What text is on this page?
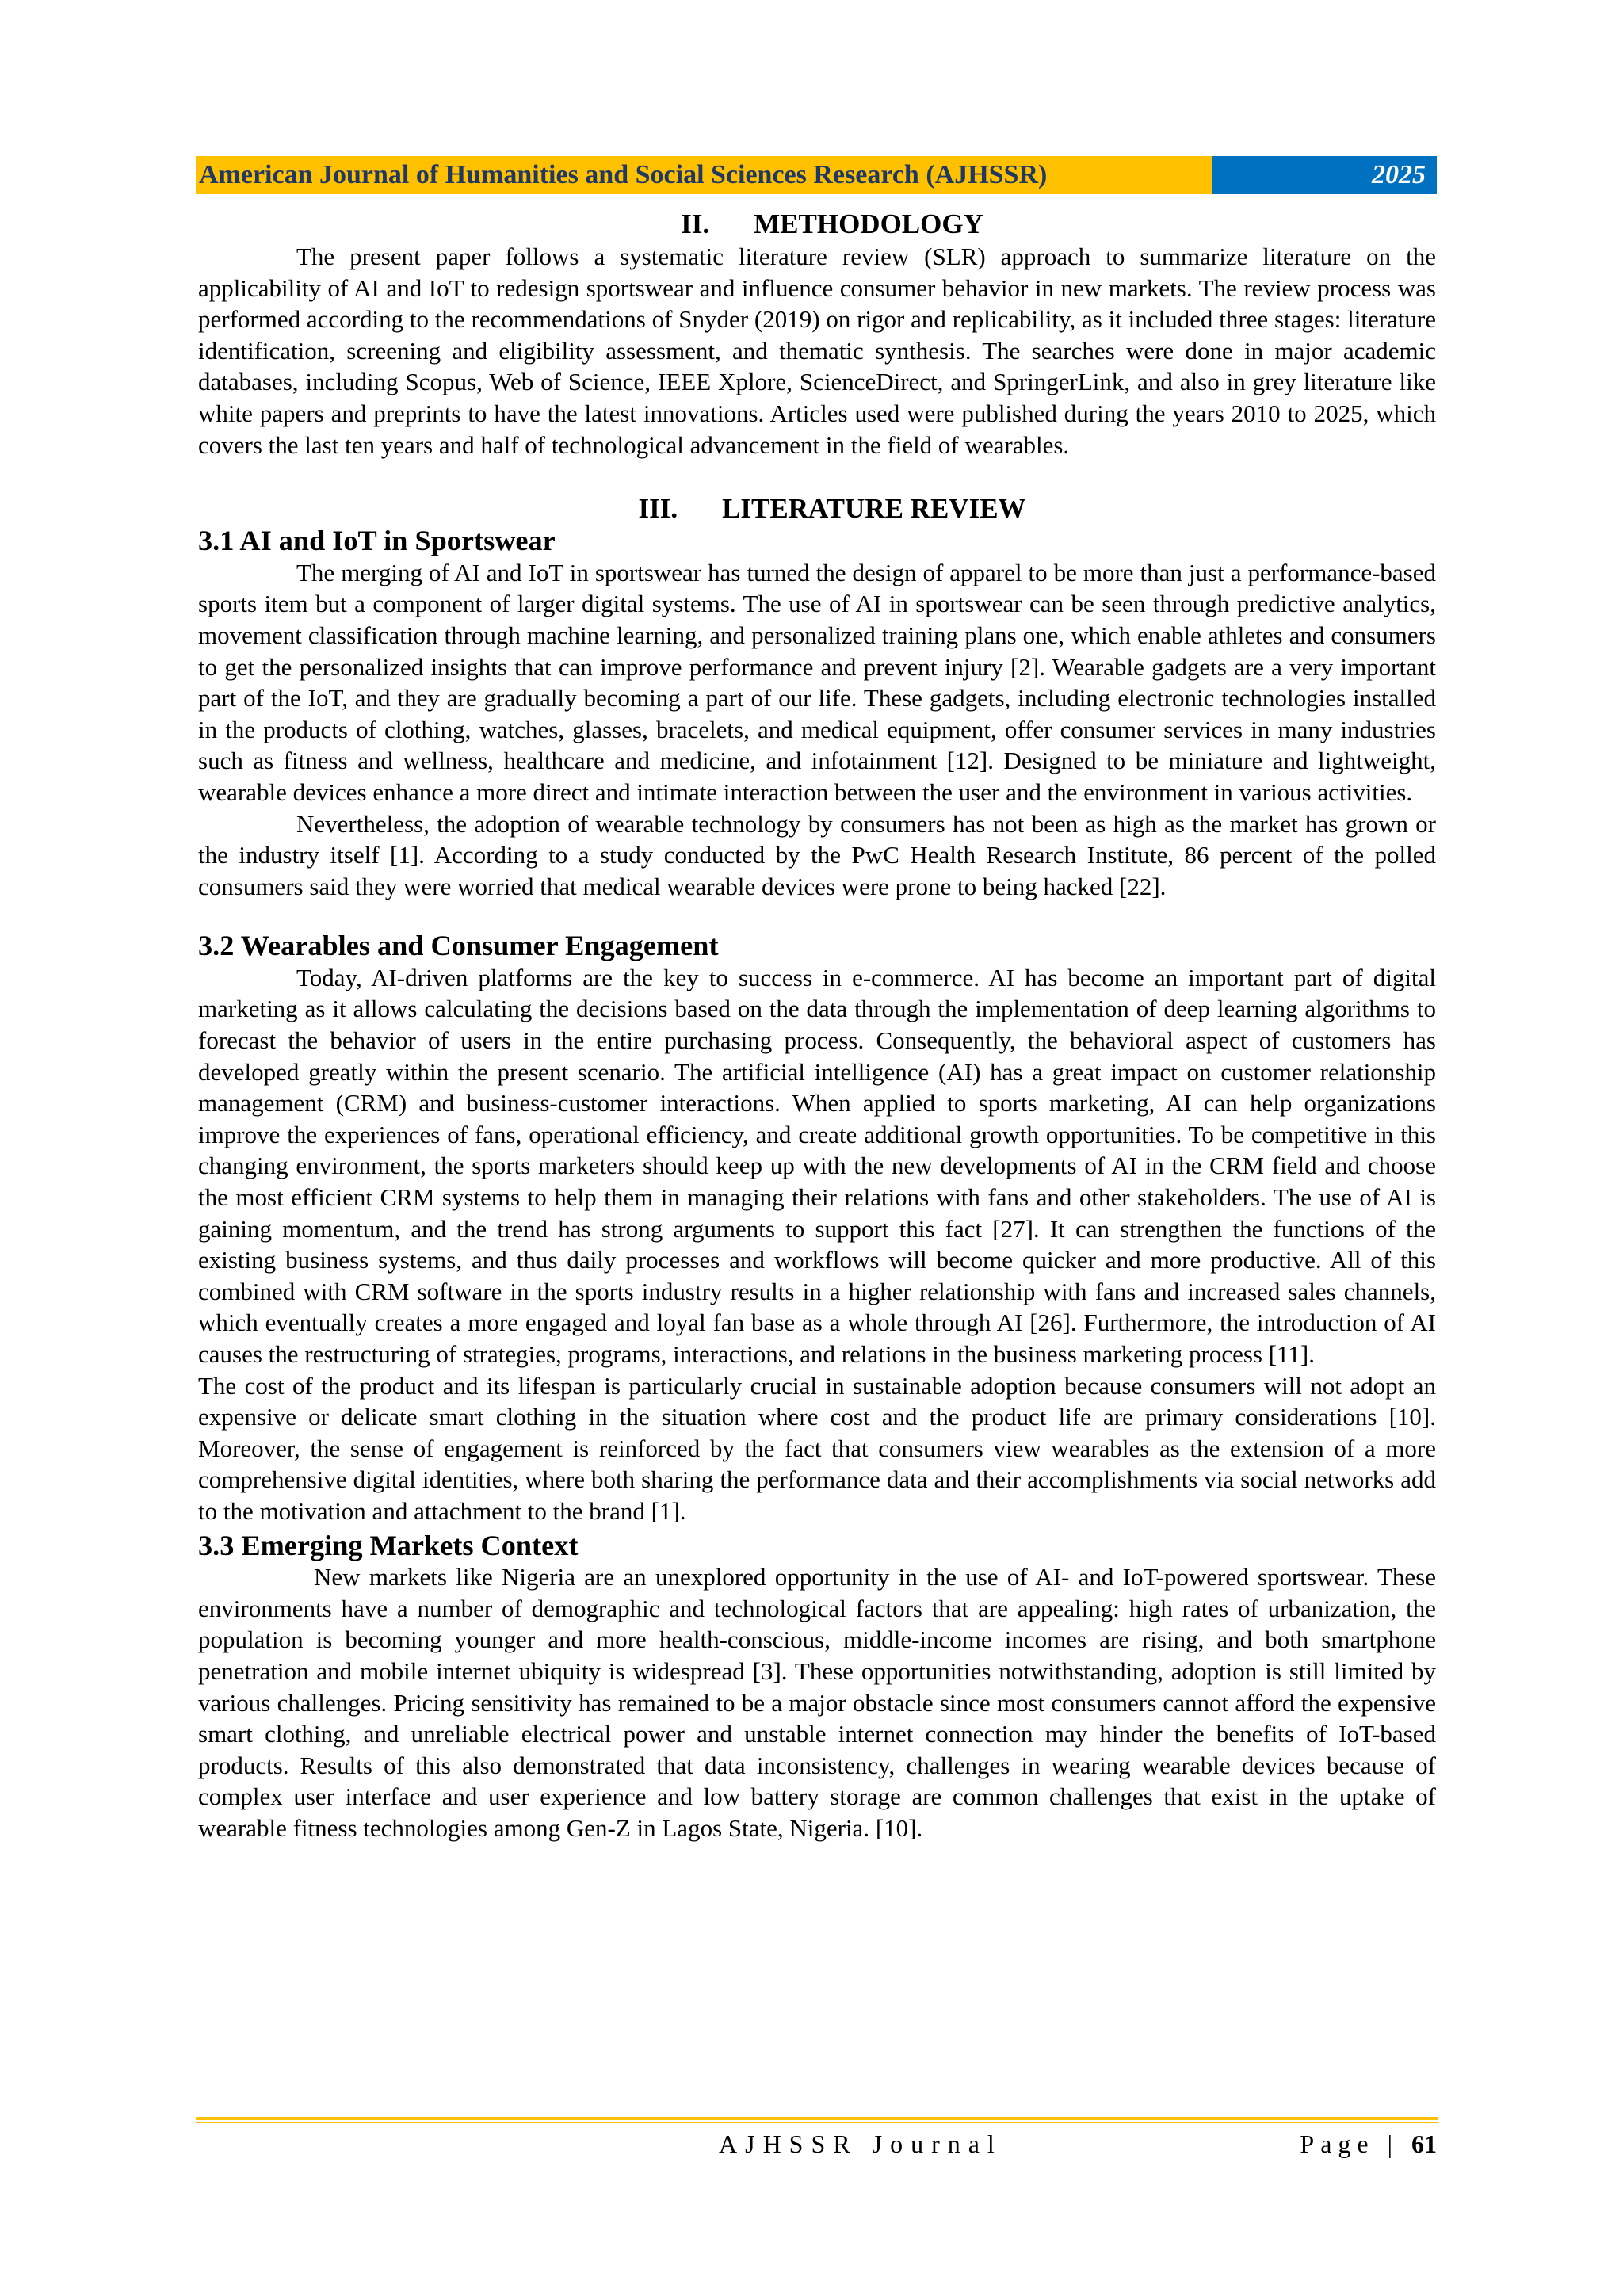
American Journal of Humanities and Social Sciences Research (AJHSSR)	2025
II. METHODOLOGY

The present paper follows a systematic literature review (SLR) approach to summarize literature on the applicability of AI and IoT to redesign sportswear and influence consumer behavior in new markets. The review process was performed according to the recommendations of Snyder (2019) on rigor and replicability, as it included three stages: literature identification, screening and eligibility assessment, and thematic synthesis. The searches were done in major academic databases, including Scopus, Web of Science, IEEE Xplore, ScienceDirect, and SpringerLink, and also in grey literature like white papers and preprints to have the latest innovations. Articles used were published during the years 2010 to 2025, which covers the last ten years and half of technological advancement in the field of wearables.

III. LITERATURE REVIEW
3.1 AI and IoT in Sportswear

The merging of AI and IoT in sportswear has turned the design of apparel to be more than just a performance-based sports item but a component of larger digital systems. The use of AI in sportswear can be seen through predictive analytics, movement classification through machine learning, and personalized training plans one, which enable athletes and consumers to get the personalized insights that can improve performance and prevent injury [2]. Wearable gadgets are a very important part of the IoT, and they are gradually becoming a part of our life. These gadgets, including electronic technologies installed in the products of clothing, watches, glasses, bracelets, and medical equipment, offer consumer services in many industries such as fitness and wellness, healthcare and medicine, and infotainment [12]. Designed to be miniature and lightweight, wearable devices enhance a more direct and intimate interaction between the user and the environment in various activities.

Nevertheless, the adoption of wearable technology by consumers has not been as high as the market has grown or the industry itself [1]. According to a study conducted by the PwC Health Research Institute, 86 percent of the polled consumers said they were worried that medical wearable devices were prone to being hacked [22].

3.2 Wearables and Consumer Engagement

Today, AI-driven platforms are the key to success in e-commerce. AI has become an important part of digital marketing as it allows calculating the decisions based on the data through the implementation of deep learning algorithms to forecast the behavior of users in the entire purchasing process. Consequently, the behavioral aspect of customers has developed greatly within the present scenario. The artificial intelligence (AI) has a great impact on customer relationship management (CRM) and business-customer interactions. When applied to sports marketing, AI can help organizations improve the experiences of fans, operational efficiency, and create additional growth opportunities. To be competitive in this changing environment, the sports marketers should keep up with the new developments of AI in the CRM field and choose the most efficient CRM systems to help them in managing their relations with fans and other stakeholders. The use of AI is gaining momentum, and the trend has strong arguments to support this fact [27]. It can strengthen the functions of the existing business systems, and thus daily processes and workflows will become quicker and more productive. All of this combined with CRM software in the sports industry results in a higher relationship with fans and increased sales channels, which eventually creates a more engaged and loyal fan base as a whole through AI [26]. Furthermore, the introduction of AI causes the restructuring of strategies, programs, interactions, and relations in the business marketing process [11].

The cost of the product and its lifespan is particularly crucial in sustainable adoption because consumers will not adopt an expensive or delicate smart clothing in the situation where cost and the product life are primary considerations [10]. Moreover, the sense of engagement is reinforced by the fact that consumers view wearables as the extension of a more comprehensive digital identities, where both sharing the performance data and their accomplishments via social networks add to the motivation and attachment to the brand [1].

3.3 Emerging Markets Context

New markets like Nigeria are an unexplored opportunity in the use of AI- and IoT-powered sportswear. These environments have a number of demographic and technological factors that are appealing: high rates of urbanization, the population is becoming younger and more health-conscious, middle-income incomes are rising, and both smartphone penetration and mobile internet ubiquity is widespread [3]. These opportunities notwithstanding, adoption is still limited by various challenges. Pricing sensitivity has remained to be a major obstacle since most consumers cannot afford the expensive smart clothing, and unreliable electrical power and unstable internet connection may hinder the benefits of IoT-based products. Results of this also demonstrated that data inconsistency, challenges in wearing wearable devices because of complex user interface and user experience and low battery storage are common challenges that exist in the uptake of wearable fitness technologies among Gen-Z in Lagos State, Nigeria. [10].

AJHSSR Journal	Page | 61
